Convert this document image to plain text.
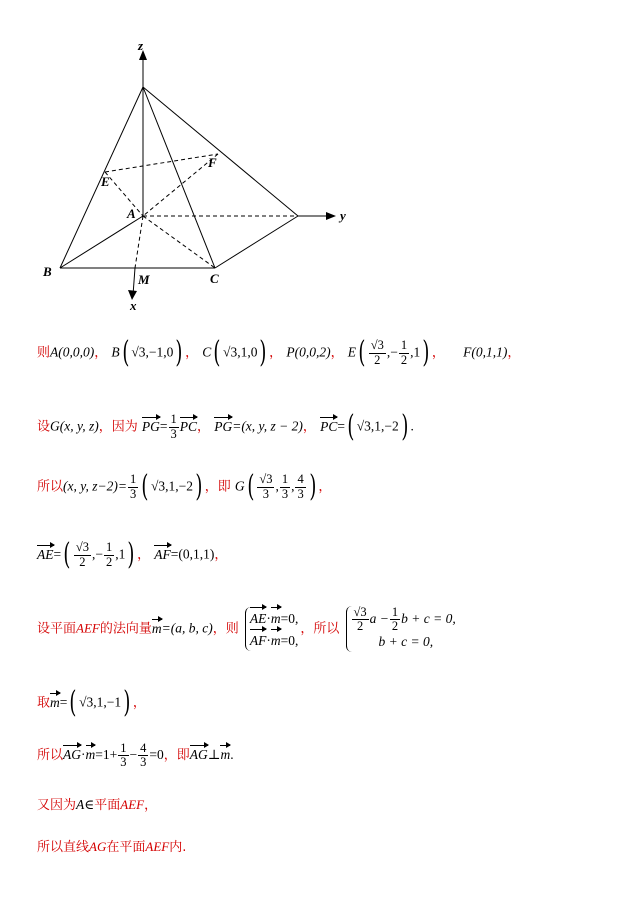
z
y
x
A
B	C
E
F
M
则A(0,0,0)， B( √3,−1,0) ， C( √3,1,0) ， P(0,0,2)， $E( \frac{√3}{2}$ ,− $\frac{1}{2} ,1$) ， F(0,1,1)，
设G(x, y, z)，因为 $PG= \frac{1}{3}$ PC， PG=(x, y, z − 2)， PC=( √3,1,−2) .
所以(x, y, $z-2)= \frac{1}{3}$ ( √3,1,−2) ，即 $G( \frac{√3}{3}$ , $\frac{1}{3}$ , $\frac{4}{3}$ ) ，
$AE=( \frac{√3}{2}$ ,− $\frac{1}{2} ,1$) ， AF=(0,1,1)，
设平面AEF的法向量m=(a, b, c)，则
AE·m=0,
AF·m=0,
，所以 $\frac{√3}{2}$ $a - \frac{1}{2}$ b + c = 0,
b + c = 0,
取m=( √3,1,−1) ，
所以$AG\cdot m=1+ \frac{1}{3} - \frac{4}{3} =0$，即AG⊥m.
又因为A∈平面AEF，
所以直线AG在平面AEF内.
